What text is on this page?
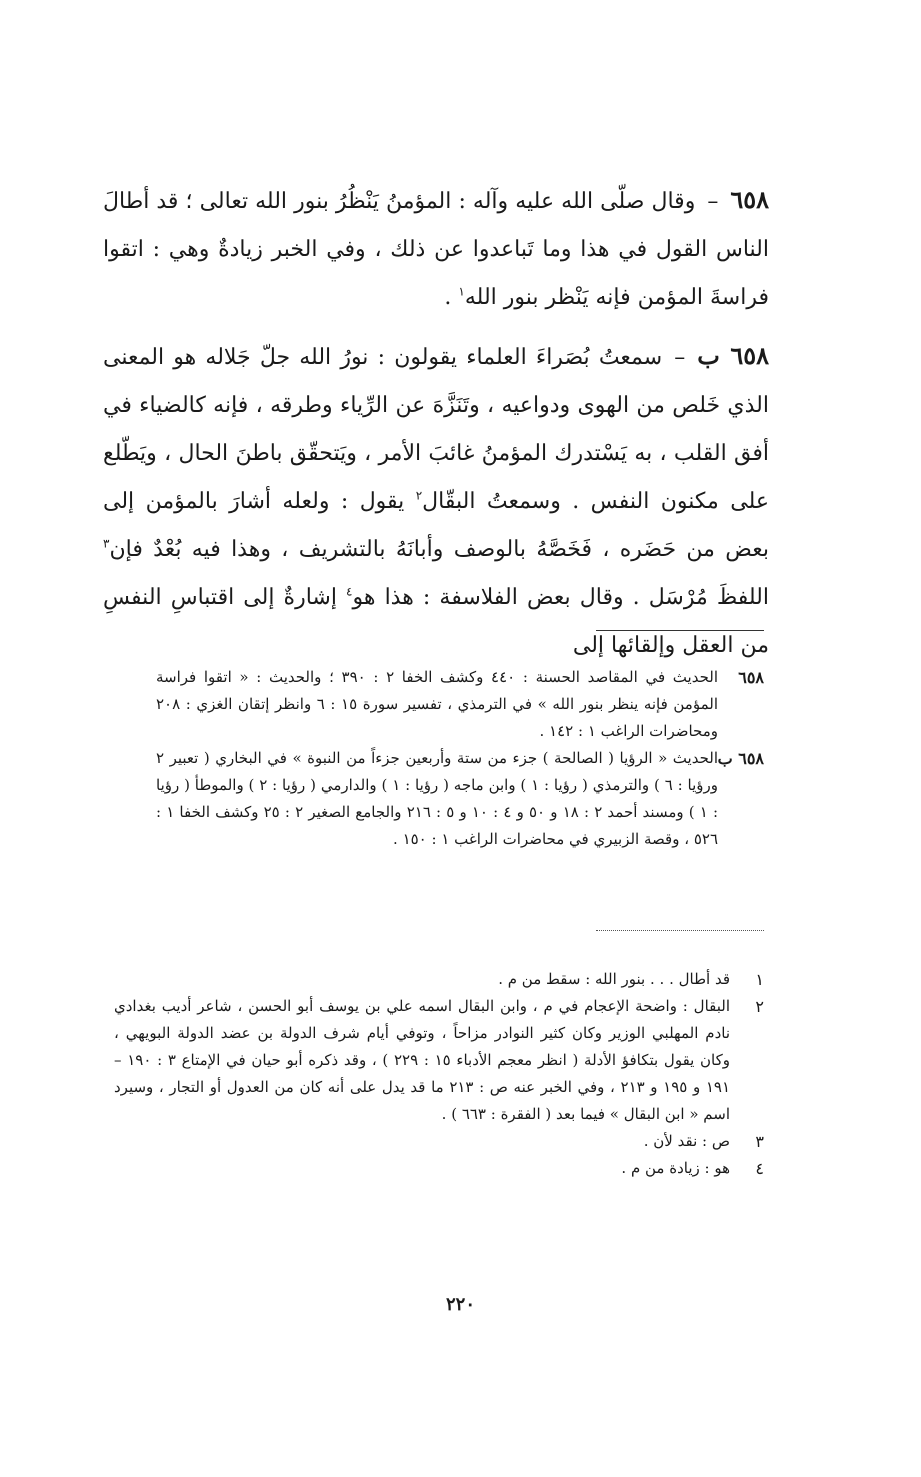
٦٥٨–وقال صلّى الله عليه وآله : المؤمنُ يَنْظُرُ بنور الله تعالى ؛ قد أطالَ الناس القول في هذا وما تَباعدوا عن ذلك ، وفي الخبر زيادةٌ وهي : اتقوا فراسةَ المؤمن فإنه يَنْظر بنور الله$^١$ .

٦٥٨ ب–سمعتُ بُصَراءَ العلماء يقولون : نورُ الله جلّ جَلاله هو المعنى الذي خَلص من الهوى ودواعيه ، وتَنَزَّهَ عن الرِّياء وطرقه ، فإنه كالضياء في أفق القلب ، به يَسْتدرك المؤمنُ غائبَ الأمر ، ويَتحقّق باطنَ الحال ، ويَطّلع على مكنون النفس . وسمعتُ البقّال$^٢$ يقول : ولعله أشارَ بالمؤمن إلى بعض من حَضَره ، فَخَصَّهُ بالوصف وأبانَهُ بالتشريف ، وهذا فيه بُعْدٌ فإن$^٣$ اللفظَ مُرْسَل . وقال بعض الفلاسفة : هذا هو$^٤$ إشارةٌ إلى اقتباسِ النفسِ من العقل وإلقائها إلى

٦٥٨
الحديث في المقاصد الحسنة : ٤٤٠ وكشف الخفا ٢ : ٣٩٠ ؛ والحديث : « اتقوا فراسة المؤمن فإنه ينظر بنور الله » في الترمذي ، تفسير سورة ١٥ : ٦ وانظر إتقان الغزي : ٢٠٨ ومحاضرات الراغب ١ : ١٤٢ .

٦٥٨ ب
الحديث « الرؤيا ( الصالحة ) جزء من ستة وأربعين جزءاً من النبوة » في البخاري ( تعبير ٢ ورؤيا : ٦ ) والترمذي ( رؤيا : ١ ) وابن ماجه ( رؤيا : ١ ) والدارمي ( رؤيا : ٢ ) والموطأ ( رؤيا : ١ ) ومسند أحمد ٢ : ١٨ و ٥٠ و ٤ : ١٠ و ٥ : ٢١٦ والجامع الصغير ٢ : ٢٥ وكشف الخفا ١ : ٥٢٦ ، وقصة الزبيري في محاضرات الراغب ١ : ١٥٠ .

١
قد أطال . . . بنور الله : سقط من م .

٢
البقال : واضحة الإعجام في م ، وابن البقال اسمه علي بن يوسف أبو الحسن ، شاعر أديب بغدادي نادم المهلبي الوزير وكان كثير النوادر مزاحاً ، وتوفي أيام شرف الدولة بن عضد الدولة البويهي ، وكان يقول بتكافؤ الأدلة ( انظر معجم الأدباء ١٥ : ٢٢٩ ) ، وقد ذكره أبو حيان في الإمتاع ٣ : ١٩٠ – ١٩١ و ١٩٥ و ٢١٣ ، وفي الخبر عنه ص : ٢١٣ ما قد يدل على أنه كان من العدول أو التجار ، وسيرد اسم « ابن البقال » فيما بعد ( الفقرة : ٦٦٣ ) .

٣
ص : نقد لأن .

٤
هو : زيادة من م .

٢٢٠
